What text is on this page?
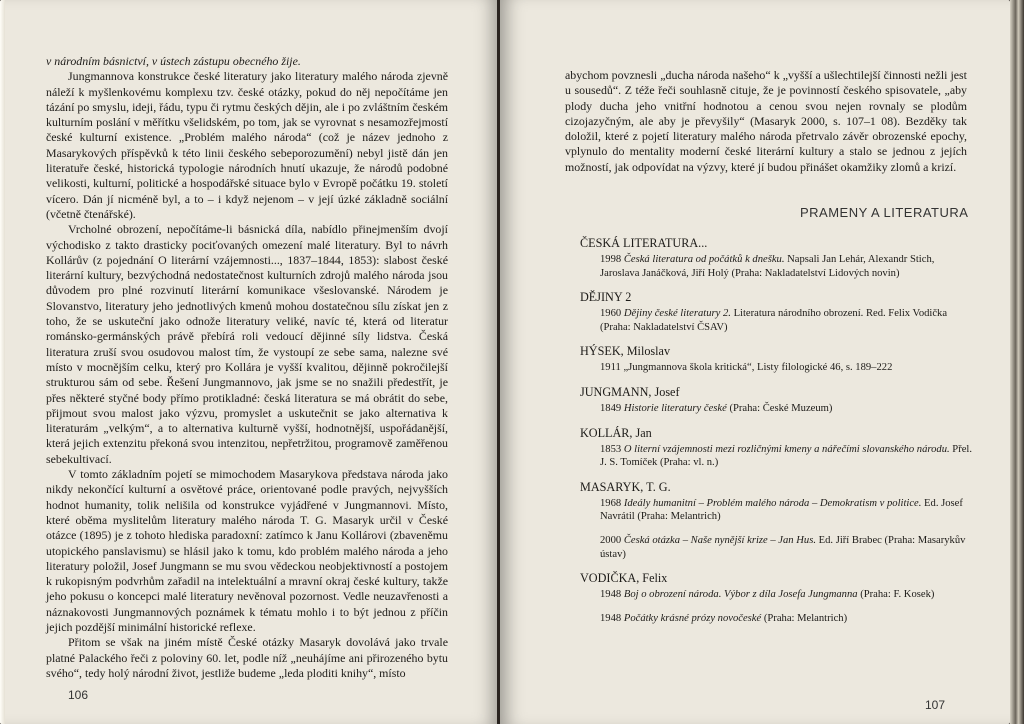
v národním básnictví, v ústech zástupu obecného žije.

Jungmannova konstrukce české literatury jako literatury malého národa zjevně náleží k myšlenkovému komplexu tzv. české otázky, pokud do něj nepočítáme jen tázání po smyslu, ideji, řádu, typu či rytmu českých dějin, ale i po zvláštním českém kulturním poslání v měřítku všelidském, po tom, jak se vyrovnat s nesamozřejmostí české kulturní existence. „Problém malého národa“ (což je název jednoho z Masarykových příspěvků k této linii českého sebeporozumění) nebyl jistě dán jen literatuře české, historická typologie národních hnutí ukazuje, že národů podobné velikosti, kulturní, politické a hospodářské situace bylo v Evropě počátku 19. století vícero. Dán jí nicméně byl, a to – i když nejenom – v její úzké základně sociální (včetně čtenářské).

Vrcholné obrození, nepočítáme-li básnická díla, nabídlo přinejmenším dvojí východisko z takto drasticky pociťovaných omezení malé literatury. Byl to návrh Kollárův (z pojednání O literární vzájemnosti..., 1837–1844, 1853): slabost české literární kultury, bezvýchodná nedostatečnost kulturních zdrojů malého národa jsou důvodem pro plné rozvinutí literární komunikace všeslovanské. Národem je Slovanstvo, literatury jeho jednotlivých kmenů mohou dostatečnou sílu získat jen z toho, že se uskuteční jako odnože literatury veliké, navíc té, která od literatur románsko-germánských právě přebírá roli vedoucí dějinné síly lidstva. Česká literatura zruší svou osudovou malost tím, že vystoupí ze sebe sama, nalezne své místo v mocnějším celku, který pro Kollára je vyšší kvalitou, dějinně pokročilejší strukturou sám od sebe. Řešení Jungmannovo, jak jsme se no snažili předestřít, je přes některé styčné body přímo protikladné: česká literatura se má obrátit do sebe, přijmout svou malost jako výzvu, promyslet a uskutečnit se jako alternativa k literaturám „velkým“, a to alternativa kulturně vyšší, hodnotnější, uspořádanější, která jejich extenzitu překoná svou intenzitou, nepřetržitou, programově zaměřenou sebekultivací.

V tomto základním pojetí se mimochodem Masarykova představa národa jako nikdy nekončící kulturní a osvětové práce, orientované podle pravých, nejvyšších hodnot humanity, tolik nelišila od konstrukce vyjádřené v Jungmannovi. Místo, které oběma myslitelům literatury malého národa T. G. Masaryk určil v České otázce (1895) je z tohoto hlediska paradoxní: zatímco k Janu Kollárovi (zbaveněmu utopického panslavismu) se hlásil jako k tomu, kdo problém malého národa a jeho literatury položil, Josef Jungmann se mu svou vědeckou neobjektivností a postojem k rukopisným podvrhům zařadil na intelektuální a mravní okraj české kultury, takže jeho pokusu o koncepci malé literatury nevěnoval pozornost. Vedle neuzavřenosti a náznakovosti Jungmannových poznámek k tématu mohlo i to být jednou z příčin jejich pozdější minimální historické reflexe.

Přitom se však na jiném místě České otázky Masaryk dovolává jako trvale platné Palackého řeči z poloviny 60. let, podle níž „neuhájíme ani přirozeného bytu svého“, tedy holý národní život, jestliže budeme „leda ploditi knihy“, místo

106
abychom povznesli „ducha národa našeho“ k „vyšší a ušlechtilejší činnosti nežli jest u sousedů“. Z téže řeči souhlasně cituje, že je povinností českého spisovatele, „aby plody ducha jeho vnitřní hodnotou a cenou svou nejen rovnaly se plodům cizojazyčným, ale aby je převyšily“ (Masaryk 2000, s. 107–1 08). Bezděky tak doložil, které z pojetí literatury malého národa přetrvalo závěr obrozenské epochy, vplynulo do mentality moderní české literární kultury a stalo se jednou z jejích možností, jak odpovídat na výzvy, které jí budou přinášet okamžiky zlomů a krizí.
PRAMENY A LITERATURA

ČESKÁ LITERATURA...

1998 Česká literatura od počátků k dnešku. Napsali Jan Lehár, Alexandr Stich, Jaroslava Janáčková, Jiří Holý (Praha: Nakladatelství Lidových novin)

DĚJINY 2

1960 Dějiny české literatury 2. Literatura národního obrození. Red. Felix Vodička (Praha: Nakladatelství ČSAV)

HÝSEK, Miloslav

1911 „Jungmannova škola kritická“, Listy filologické 46, s. 189–222

JUNGMANN, Josef

1849 Historie literatury české (Praha: České Muzeum)

KOLLÁR, Jan

1853 O literní vzájemnosti mezi rozličnými kmeny a nářečími slovanského národu. Přel. J. S. Tomíček (Praha: vl. n.)

MASARYK, T. G.

1968 Ideály humanitní – Problém malého národa – Demokratism v politice. Ed. Josef Navrátil (Praha: Melantrich)
2000 Česká otázka – Naše nynější krize – Jan Hus. Ed. Jiří Brabec (Praha: Masarykův ústav)

VODIČKA, Felix

1948 Boj o obrození národa. Výbor z díla Josefa Jungmanna (Praha: F. Kosek)
1948 Počátky krásné prózy novočeské (Praha: Melantrich)
107
